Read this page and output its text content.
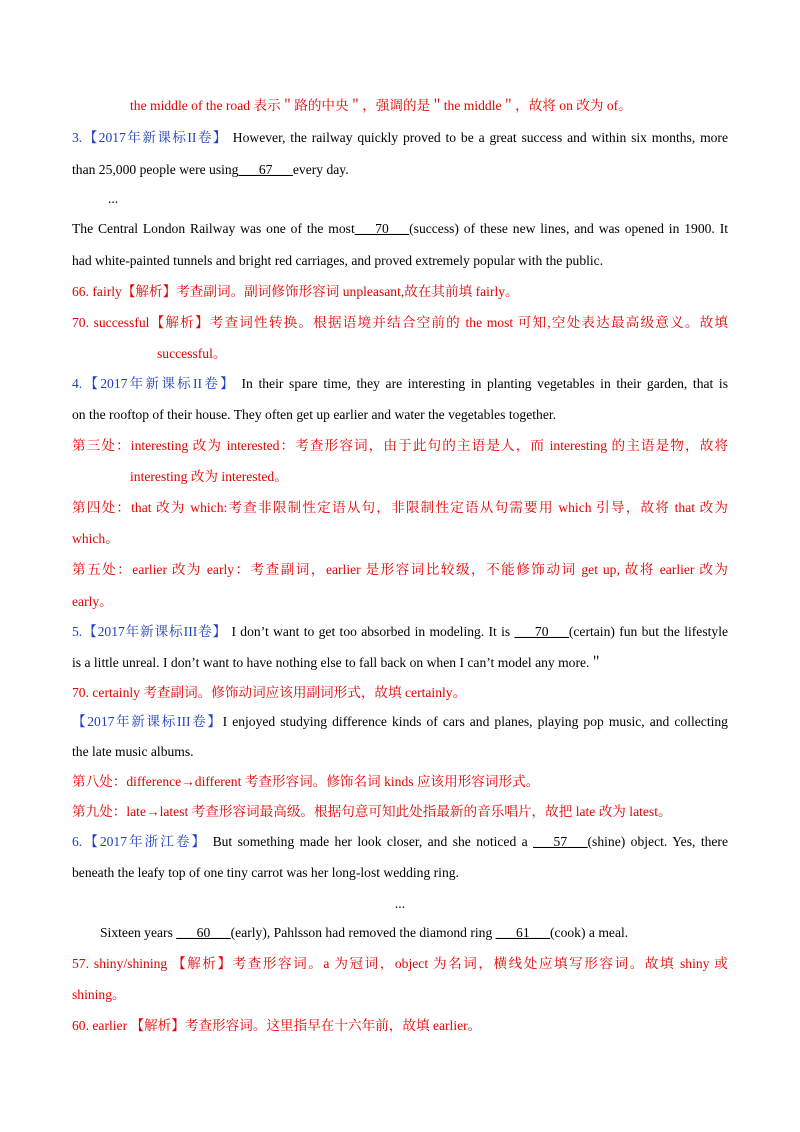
the middle of the road 表示＂路的中央＂，强调的是＂the middle＂，故将 on 改为 of。
3.【2017年新课标II卷】 However, the railway quickly proved to be a great success and within six months, more
than 25,000 people were using___67___every day.
...
The Central London Railway was one of the most___70___(success) of these new lines, and was opened in 1900. It
had white-painted tunnels and bright red carriages, and proved extremely popular with the public.
66. fairly【解析】考查副词。副词修饰形容词 unpleasant,故在其前填 fairly。
70. successful【解析】考查词性转换。根据语境并结合空前的 the most 可知,空处表达最高级意义。故填
successful。
4.【2017年新课标II卷】 In their spare time, they are interesting in planting vegetables in their garden, that is
on the rooftop of their house. They often get up earlier and water the vegetables together.
第三处：interesting 改为 interested：考查形容词，由于此句的主语是人，而 interesting 的主语是物，故将
interesting 改为 interested。
第四处：that 改为 which:考查非限制性定语从句，非限制性定语从句需要用 which 引导，故将 that 改为
which。
第五处：earlier 改为 early：考查副词，earlier 是形容词比较级，不能修饰动词 get up, 故将 earlier 改为
early。
5.【2017年新课标III卷】 I don’t want to get too absorbed in modeling. It is ___70___(certain) fun but the lifestyle
is a little unreal. I don’t want to have nothing else to fall back on when I can’t model any more.＂
70. certainly 考查副词。修饰动词应该用副词形式，故填 certainly。
【2017年新课标III卷】I enjoyed studying difference kinds of cars and planes, playing pop music, and collecting
the late music albums.
第八处：difference→different 考查形容词。修饰名词 kinds 应该用形容词形式。
第九处：late→latest 考查形容词最高级。根据句意可知此处指最新的音乐唱片，故把 late 改为 latest。
6.【2017年浙江卷】 But something made her look closer, and she noticed a ___57___(shine) object. Yes, there
beneath the leafy top of one tiny carrot was her long-lost wedding ring.
...
Sixteen years ___60___(early), Pahlsson had removed the diamond ring ___61___(cook) a meal.
57. shiny/shining 【解析】考查形容词。a 为冠词，object 为名词，横线处应填写形容词。故填 shiny 或
shining。
60. earlier 【解析】考查形容词。这里指早在十六年前，故填 earlier。
